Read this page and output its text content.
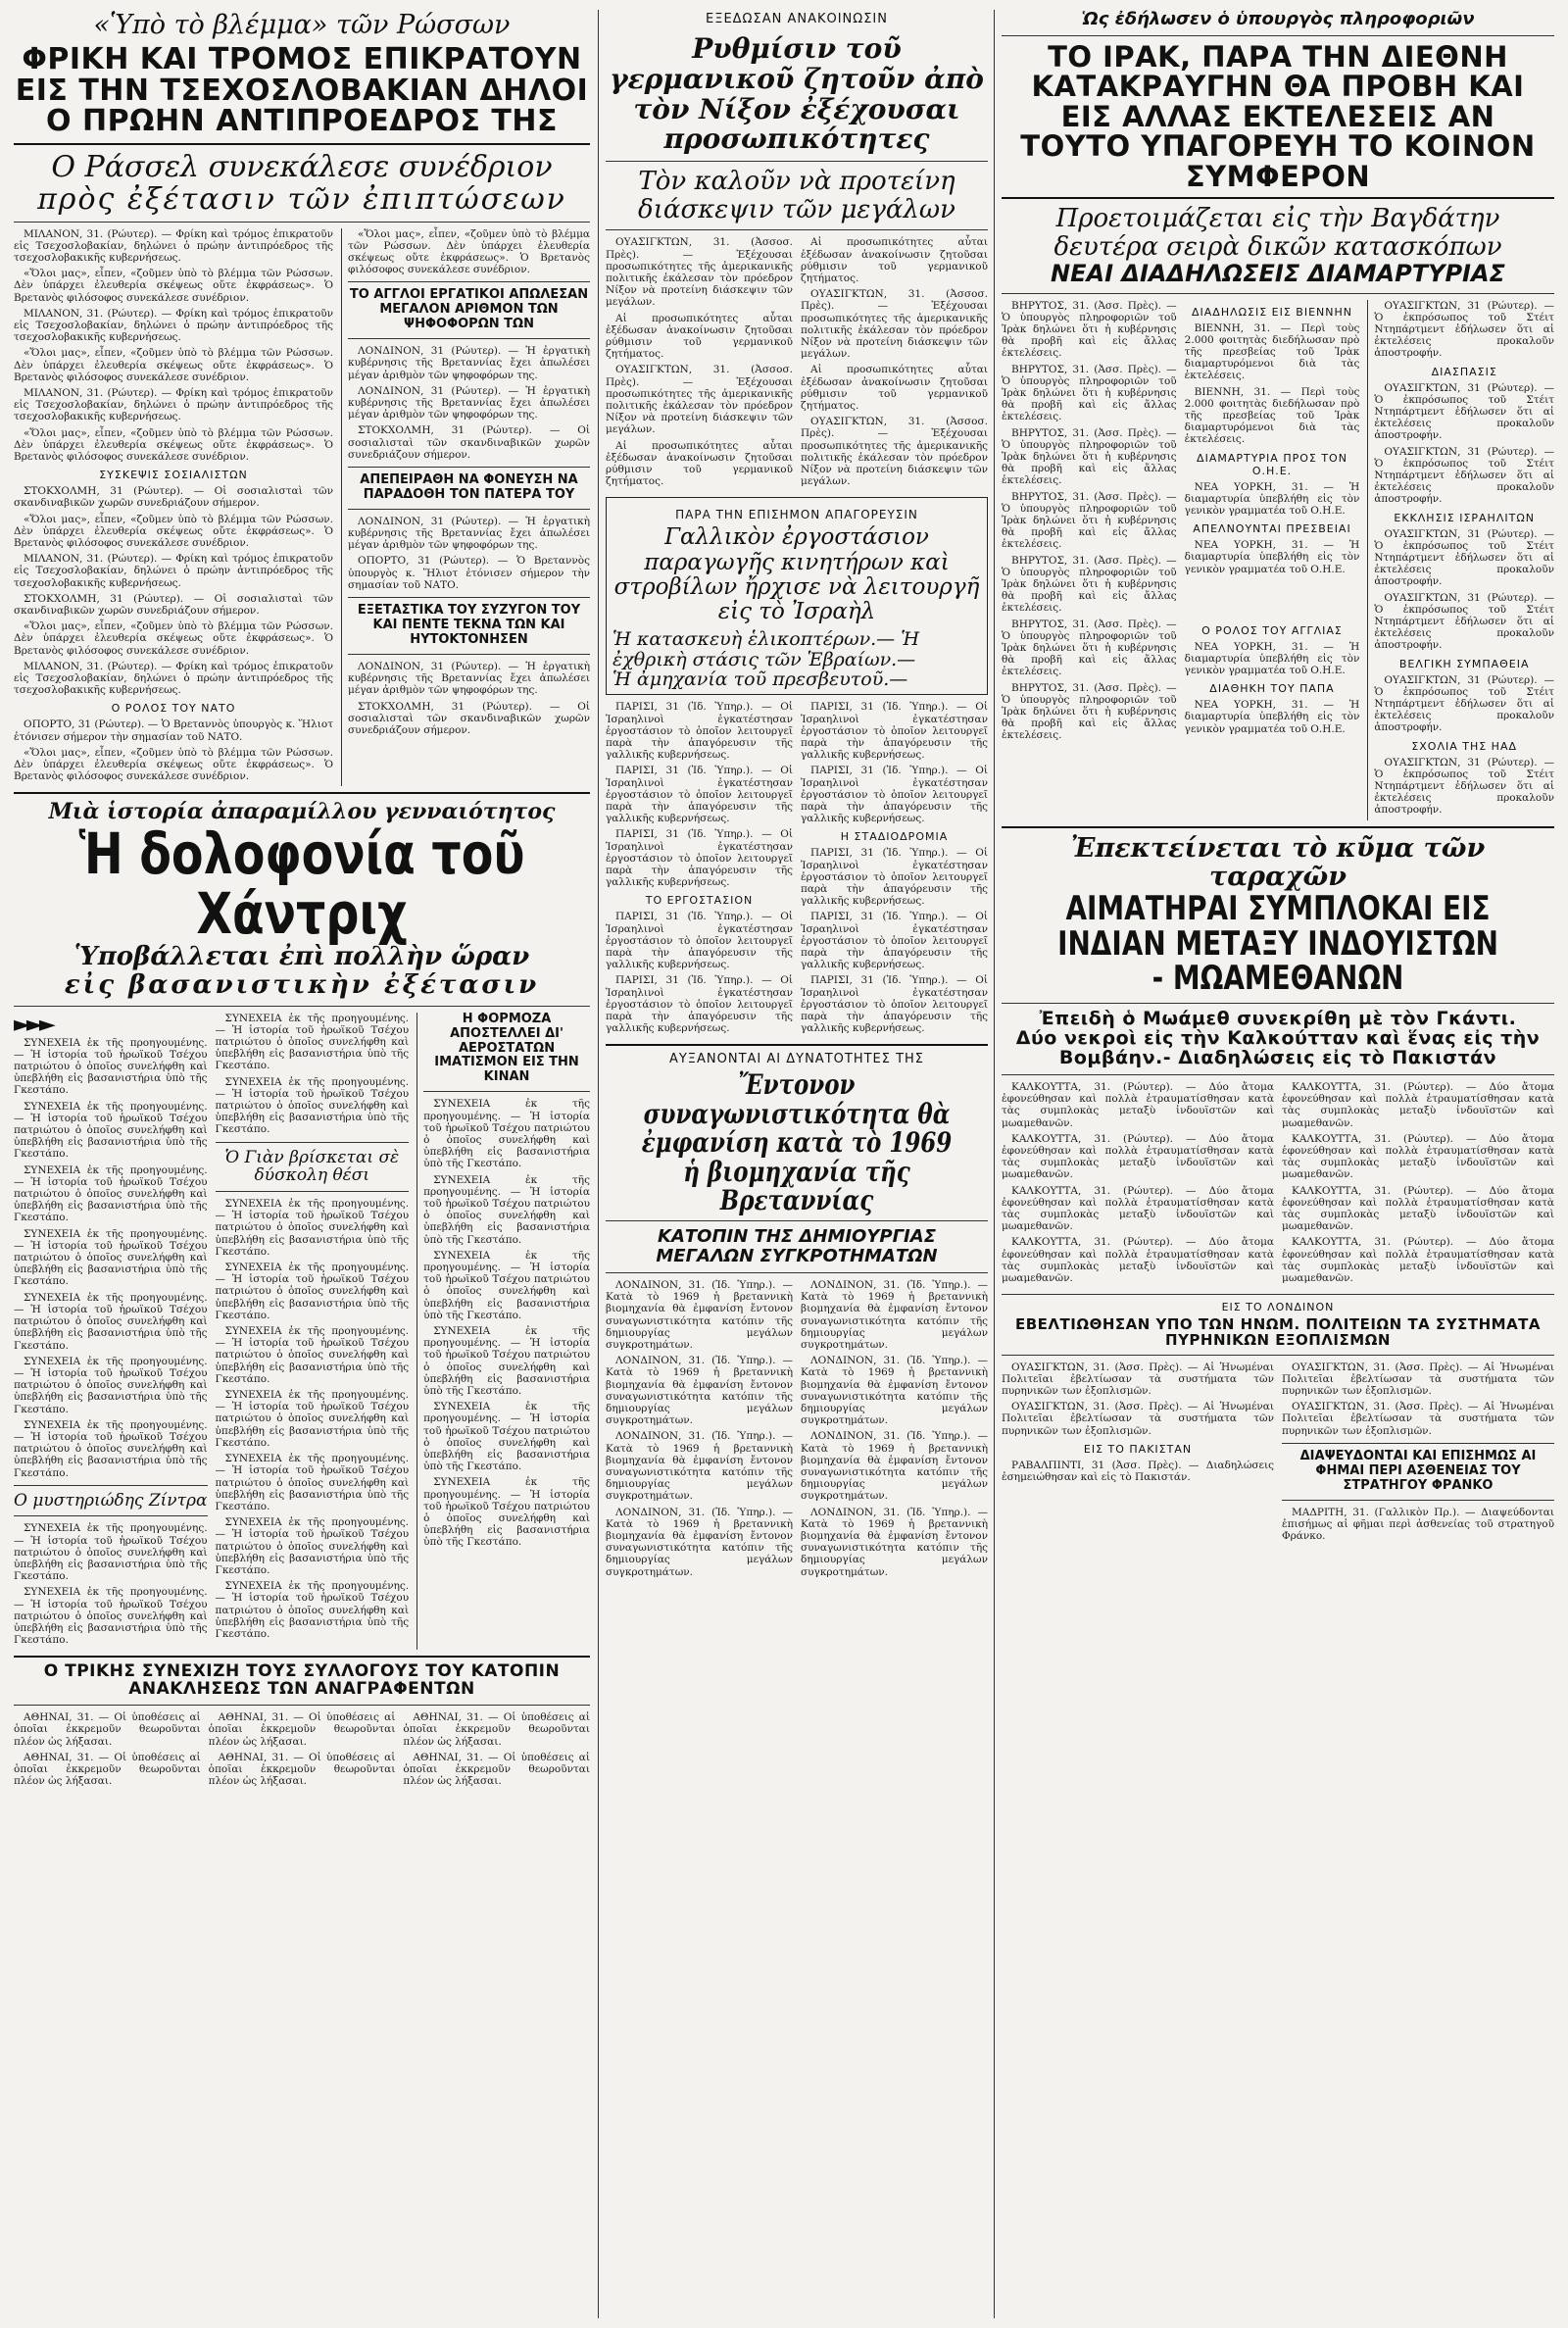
«Ὑπὸ τὸ βλέμμα» τῶν Ρώσσων
ΦΡΙΚΗ ΚΑΙ ΤΡΟΜΟΣ ΕΠΙΚΡΑΤΟΥΝ ΕΙΣ ΤΗΝ ΤΣΕΧΟΣΛΟΒΑΚΙΑΝ ΔΗΛΟΙ Ο ΠΡΩΗΝ ΑΝΤΙΠΡΟΕΔΡΟΣ ΤΗΣ
Ο Ράσσελ συνεκάλεσε συνέδριον
πρὸς ἐξέτασιν τῶν ἐπιπτώσεων

ΜΙΛΑΝΟΝ, 31. (Ρώυτερ). — Φρίκη καὶ τρόμος ἐπικρατοῦν εἰς Τσεχοσλοβακίαν, δηλώνει ὁ πρώην ἀντιπρόεδρος τῆς τσεχοσλοβακικῆς κυβερνήσεως.

«Ὅλοι μας», εἶπεν, «ζοῦμεν ὑπὸ τὸ βλέμμα τῶν Ρώσσων. Δὲν ὑπάρχει ἐλευθερία σκέψεως οὔτε ἐκφράσεως». Ὁ Βρετανὸς φιλόσοφος συνεκάλεσε συνέδριον.

ΜΙΛΑΝΟΝ, 31. (Ρώυτερ). — Φρίκη καὶ τρόμος ἐπικρατοῦν εἰς Τσεχοσλοβακίαν, δηλώνει ὁ πρώην ἀντιπρόεδρος τῆς τσεχοσλοβακικῆς κυβερνήσεως.

«Ὅλοι μας», εἶπεν, «ζοῦμεν ὑπὸ τὸ βλέμμα τῶν Ρώσσων. Δὲν ὑπάρχει ἐλευθερία σκέψεως οὔτε ἐκφράσεως». Ὁ Βρετανὸς φιλόσοφος συνεκάλεσε συνέδριον.

ΜΙΛΑΝΟΝ, 31. (Ρώυτερ). — Φρίκη καὶ τρόμος ἐπικρατοῦν εἰς Τσεχοσλοβακίαν, δηλώνει ὁ πρώην ἀντιπρόεδρος τῆς τσεχοσλοβακικῆς κυβερνήσεως.

«Ὅλοι μας», εἶπεν, «ζοῦμεν ὑπὸ τὸ βλέμμα τῶν Ρώσσων. Δὲν ὑπάρχει ἐλευθερία σκέψεως οὔτε ἐκφράσεως». Ὁ Βρετανὸς φιλόσοφος συνεκάλεσε συνέδριον.

ΣΥΣΚΕΨΙΣ ΣΟΣΙΑΛΙΣΤΩΝ

ΣΤΟΚΧΟΛΜΗ, 31 (Ρώυτερ). — Οἱ σοσιαλισταὶ τῶν σκανδιναβικῶν χωρῶν συνεδριάζουν σήμερον.

«Ὅλοι μας», εἶπεν, «ζοῦμεν ὑπὸ τὸ βλέμμα τῶν Ρώσσων. Δὲν ὑπάρχει ἐλευθερία σκέψεως οὔτε ἐκφράσεως». Ὁ Βρετανὸς φιλόσοφος συνεκάλεσε συνέδριον.

ΜΙΛΑΝΟΝ, 31. (Ρώυτερ). — Φρίκη καὶ τρόμος ἐπικρατοῦν εἰς Τσεχοσλοβακίαν, δηλώνει ὁ πρώην ἀντιπρόεδρος τῆς τσεχοσλοβακικῆς κυβερνήσεως.

ΣΤΟΚΧΟΛΜΗ, 31 (Ρώυτερ). — Οἱ σοσιαλισταὶ τῶν σκανδιναβικῶν χωρῶν συνεδριάζουν σήμερον.

«Ὅλοι μας», εἶπεν, «ζοῦμεν ὑπὸ τὸ βλέμμα τῶν Ρώσσων. Δὲν ὑπάρχει ἐλευθερία σκέψεως οὔτε ἐκφράσεως». Ὁ Βρετανὸς φιλόσοφος συνεκάλεσε συνέδριον.

ΜΙΛΑΝΟΝ, 31. (Ρώυτερ). — Φρίκη καὶ τρόμος ἐπικρατοῦν εἰς Τσεχοσλοβακίαν, δηλώνει ὁ πρώην ἀντιπρόεδρος τῆς τσεχοσλοβακικῆς κυβερνήσεως.

Ο ΡΟΛΟΣ ΤΟΥ ΝΑΤΟ

ΟΠΟΡΤΟ, 31 (Ρώυτερ). — Ὁ Βρεταννὸς ὑπουργὸς κ. Ἥλιοτ ἐτόνισεν σήμερον τὴν σημασίαν τοῦ ΝΑΤΟ.

«Ὅλοι μας», εἶπεν, «ζοῦμεν ὑπὸ τὸ βλέμμα τῶν Ρώσσων. Δὲν ὑπάρχει ἐλευθερία σκέψεως οὔτε ἐκφράσεως». Ὁ Βρετανὸς φιλόσοφος συνεκάλεσε συνέδριον.

«Ὅλοι μας», εἶπεν, «ζοῦμεν ὑπὸ τὸ βλέμμα τῶν Ρώσσων. Δὲν ὑπάρχει ἐλευθερία σκέψεως οὔτε ἐκφράσεως». Ὁ Βρετανὸς φιλόσοφος συνεκάλεσε συνέδριον.

ΤΟ ΑΓΓΛΟΙ ΕΡΓΑΤΙΚΟΙ ΑΠΩΛΕΣΑΝ ΜΕΓΑΛΟΝ ΑΡΙΘΜΟΝ ΤΩΝ ΨΗΦΟΦΟΡΩΝ ΤΩΝ

ΛΟΝΔΙΝΟΝ, 31 (Ρώυτερ). — Ἡ ἐργατικὴ κυβέρνησις τῆς Βρεταννίας ἔχει ἀπωλέσει μέγαν ἀριθμὸν τῶν ψηφοφόρων της.

ΛΟΝΔΙΝΟΝ, 31 (Ρώυτερ). — Ἡ ἐργατικὴ κυβέρνησις τῆς Βρεταννίας ἔχει ἀπωλέσει μέγαν ἀριθμὸν τῶν ψηφοφόρων της.

ΣΤΟΚΧΟΛΜΗ, 31 (Ρώυτερ). — Οἱ σοσιαλισταὶ τῶν σκανδιναβικῶν χωρῶν συνεδριάζουν σήμερον.

ΑΠΕΠΕΙΡΑΘΗ ΝΑ ΦΟΝΕΥΣΗ ΝΑ ΠΑΡΑΔΟΘΗ ΤΟΝ ΠΑΤΕΡΑ ΤΟΥ

ΛΟΝΔΙΝΟΝ, 31 (Ρώυτερ). — Ἡ ἐργατικὴ κυβέρνησις τῆς Βρεταννίας ἔχει ἀπωλέσει μέγαν ἀριθμὸν τῶν ψηφοφόρων της.

ΟΠΟΡΤΟ, 31 (Ρώυτερ). — Ὁ Βρεταννὸς ὑπουργὸς κ. Ἥλιοτ ἐτόνισεν σήμερον τὴν σημασίαν τοῦ ΝΑΤΟ.

ΕΞΕΤΑΣΤΙΚΑ ΤΟΥ ΣΥΖΥΓΟΝ ΤΟΥ ΚΑΙ ΠΕΝΤΕ ΤΕΚΝΑ ΤΩΝ ΚΑΙ ΗΥΤΟΚΤΟΝΗΣΕΝ

ΛΟΝΔΙΝΟΝ, 31 (Ρώυτερ). — Ἡ ἐργατικὴ κυβέρνησις τῆς Βρεταννίας ἔχει ἀπωλέσει μέγαν ἀριθμὸν τῶν ψηφοφόρων της.

ΣΤΟΚΧΟΛΜΗ, 31 (Ρώυτερ). — Οἱ σοσιαλισταὶ τῶν σκανδιναβικῶν χωρῶν συνεδριάζουν σήμερον.

Μιὰ ἱστορία ἀπαραμίλλου γενναιότητος
Ἡ δολοφονία τοῦ Χάντριχ
Ὑποβάλλεται ἐπὶ πολλὴν ὥραν
εἰς βασανιστικὴν ἐξέτασιν
►►►

ΣΥΝΕΧΕΙΑ ἐκ τῆς προηγουμένης. — Ἡ ἱστορία τοῦ ἡρωϊκοῦ Τσέχου πατριώτου ὁ ὁποῖος συνελήφθη καὶ ὑπεβλήθη εἰς βασανιστήρια ὑπὸ τῆς Γκεστάπο.

ΣΥΝΕΧΕΙΑ ἐκ τῆς προηγουμένης. — Ἡ ἱστορία τοῦ ἡρωϊκοῦ Τσέχου πατριώτου ὁ ὁποῖος συνελήφθη καὶ ὑπεβλήθη εἰς βασανιστήρια ὑπὸ τῆς Γκεστάπο.

ΣΥΝΕΧΕΙΑ ἐκ τῆς προηγουμένης. — Ἡ ἱστορία τοῦ ἡρωϊκοῦ Τσέχου πατριώτου ὁ ὁποῖος συνελήφθη καὶ ὑπεβλήθη εἰς βασανιστήρια ὑπὸ τῆς Γκεστάπο.

ΣΥΝΕΧΕΙΑ ἐκ τῆς προηγουμένης. — Ἡ ἱστορία τοῦ ἡρωϊκοῦ Τσέχου πατριώτου ὁ ὁποῖος συνελήφθη καὶ ὑπεβλήθη εἰς βασανιστήρια ὑπὸ τῆς Γκεστάπο.

ΣΥΝΕΧΕΙΑ ἐκ τῆς προηγουμένης. — Ἡ ἱστορία τοῦ ἡρωϊκοῦ Τσέχου πατριώτου ὁ ὁποῖος συνελήφθη καὶ ὑπεβλήθη εἰς βασανιστήρια ὑπὸ τῆς Γκεστάπο.

ΣΥΝΕΧΕΙΑ ἐκ τῆς προηγουμένης. — Ἡ ἱστορία τοῦ ἡρωϊκοῦ Τσέχου πατριώτου ὁ ὁποῖος συνελήφθη καὶ ὑπεβλήθη εἰς βασανιστήρια ὑπὸ τῆς Γκεστάπο.

ΣΥΝΕΧΕΙΑ ἐκ τῆς προηγουμένης. — Ἡ ἱστορία τοῦ ἡρωϊκοῦ Τσέχου πατριώτου ὁ ὁποῖος συνελήφθη καὶ ὑπεβλήθη εἰς βασανιστήρια ὑπὸ τῆς Γκεστάπο.

Ο μυστηριώδης Ζίντρα

ΣΥΝΕΧΕΙΑ ἐκ τῆς προηγουμένης. — Ἡ ἱστορία τοῦ ἡρωϊκοῦ Τσέχου πατριώτου ὁ ὁποῖος συνελήφθη καὶ ὑπεβλήθη εἰς βασανιστήρια ὑπὸ τῆς Γκεστάπο.

ΣΥΝΕΧΕΙΑ ἐκ τῆς προηγουμένης. — Ἡ ἱστορία τοῦ ἡρωϊκοῦ Τσέχου πατριώτου ὁ ὁποῖος συνελήφθη καὶ ὑπεβλήθη εἰς βασανιστήρια ὑπὸ τῆς Γκεστάπο.

ΣΥΝΕΧΕΙΑ ἐκ τῆς προηγουμένης. — Ἡ ἱστορία τοῦ ἡρωϊκοῦ Τσέχου πατριώτου ὁ ὁποῖος συνελήφθη καὶ ὑπεβλήθη εἰς βασανιστήρια ὑπὸ τῆς Γκεστάπο.

ΣΥΝΕΧΕΙΑ ἐκ τῆς προηγουμένης. — Ἡ ἱστορία τοῦ ἡρωϊκοῦ Τσέχου πατριώτου ὁ ὁποῖος συνελήφθη καὶ ὑπεβλήθη εἰς βασανιστήρια ὑπὸ τῆς Γκεστάπο.

Ὁ Γιὰν βρίσκεται σὲ δύσκολη θέσι

ΣΥΝΕΧΕΙΑ ἐκ τῆς προηγουμένης. — Ἡ ἱστορία τοῦ ἡρωϊκοῦ Τσέχου πατριώτου ὁ ὁποῖος συνελήφθη καὶ ὑπεβλήθη εἰς βασανιστήρια ὑπὸ τῆς Γκεστάπο.

ΣΥΝΕΧΕΙΑ ἐκ τῆς προηγουμένης. — Ἡ ἱστορία τοῦ ἡρωϊκοῦ Τσέχου πατριώτου ὁ ὁποῖος συνελήφθη καὶ ὑπεβλήθη εἰς βασανιστήρια ὑπὸ τῆς Γκεστάπο.

ΣΥΝΕΧΕΙΑ ἐκ τῆς προηγουμένης. — Ἡ ἱστορία τοῦ ἡρωϊκοῦ Τσέχου πατριώτου ὁ ὁποῖος συνελήφθη καὶ ὑπεβλήθη εἰς βασανιστήρια ὑπὸ τῆς Γκεστάπο.

ΣΥΝΕΧΕΙΑ ἐκ τῆς προηγουμένης. — Ἡ ἱστορία τοῦ ἡρωϊκοῦ Τσέχου πατριώτου ὁ ὁποῖος συνελήφθη καὶ ὑπεβλήθη εἰς βασανιστήρια ὑπὸ τῆς Γκεστάπο.

ΣΥΝΕΧΕΙΑ ἐκ τῆς προηγουμένης. — Ἡ ἱστορία τοῦ ἡρωϊκοῦ Τσέχου πατριώτου ὁ ὁποῖος συνελήφθη καὶ ὑπεβλήθη εἰς βασανιστήρια ὑπὸ τῆς Γκεστάπο.

ΣΥΝΕΧΕΙΑ ἐκ τῆς προηγουμένης. — Ἡ ἱστορία τοῦ ἡρωϊκοῦ Τσέχου πατριώτου ὁ ὁποῖος συνελήφθη καὶ ὑπεβλήθη εἰς βασανιστήρια ὑπὸ τῆς Γκεστάπο.

ΣΥΝΕΧΕΙΑ ἐκ τῆς προηγουμένης. — Ἡ ἱστορία τοῦ ἡρωϊκοῦ Τσέχου πατριώτου ὁ ὁποῖος συνελήφθη καὶ ὑπεβλήθη εἰς βασανιστήρια ὑπὸ τῆς Γκεστάπο.

Η ΦΟΡΜΟΖΑ ΑΠΟΣΤΕΛΛΕΙ ΔΙ' ΑΕΡΟΣΤΑΤΩΝ ΙΜΑΤΙΣΜΟΝ ΕΙΣ ΤΗΝ ΚΙΝΑΝ

ΣΥΝΕΧΕΙΑ ἐκ τῆς προηγουμένης. — Ἡ ἱστορία τοῦ ἡρωϊκοῦ Τσέχου πατριώτου ὁ ὁποῖος συνελήφθη καὶ ὑπεβλήθη εἰς βασανιστήρια ὑπὸ τῆς Γκεστάπο.

ΣΥΝΕΧΕΙΑ ἐκ τῆς προηγουμένης. — Ἡ ἱστορία τοῦ ἡρωϊκοῦ Τσέχου πατριώτου ὁ ὁποῖος συνελήφθη καὶ ὑπεβλήθη εἰς βασανιστήρια ὑπὸ τῆς Γκεστάπο.

ΣΥΝΕΧΕΙΑ ἐκ τῆς προηγουμένης. — Ἡ ἱστορία τοῦ ἡρωϊκοῦ Τσέχου πατριώτου ὁ ὁποῖος συνελήφθη καὶ ὑπεβλήθη εἰς βασανιστήρια ὑπὸ τῆς Γκεστάπο.

ΣΥΝΕΧΕΙΑ ἐκ τῆς προηγουμένης. — Ἡ ἱστορία τοῦ ἡρωϊκοῦ Τσέχου πατριώτου ὁ ὁποῖος συνελήφθη καὶ ὑπεβλήθη εἰς βασανιστήρια ὑπὸ τῆς Γκεστάπο.

ΣΥΝΕΧΕΙΑ ἐκ τῆς προηγουμένης. — Ἡ ἱστορία τοῦ ἡρωϊκοῦ Τσέχου πατριώτου ὁ ὁποῖος συνελήφθη καὶ ὑπεβλήθη εἰς βασανιστήρια ὑπὸ τῆς Γκεστάπο.

ΣΥΝΕΧΕΙΑ ἐκ τῆς προηγουμένης. — Ἡ ἱστορία τοῦ ἡρωϊκοῦ Τσέχου πατριώτου ὁ ὁποῖος συνελήφθη καὶ ὑπεβλήθη εἰς βασανιστήρια ὑπὸ τῆς Γκεστάπο.

Ο ΤΡΙΚΗΣ ΣΥΝΕΧΙΖΗ ΤΟΥΣ ΣΥΛΛΟΓΟΥΣ ΤΟΥ ΚΑΤΟΠΙΝ ΑΝΑΚΛΗΣΕΩΣ ΤΩΝ ΑΝΑΓΡΑΦΕΝΤΩΝ

ΑΘΗΝΑΙ, 31. — Οἱ ὑποθέσεις αἱ ὁποῖαι ἐκκρεμοῦν θεωροῦνται πλέον ὡς λήξασαι.

ΑΘΗΝΑΙ, 31. — Οἱ ὑποθέσεις αἱ ὁποῖαι ἐκκρεμοῦν θεωροῦνται πλέον ὡς λήξασαι.

ΑΘΗΝΑΙ, 31. — Οἱ ὑποθέσεις αἱ ὁποῖαι ἐκκρεμοῦν θεωροῦνται πλέον ὡς λήξασαι.

ΑΘΗΝΑΙ, 31. — Οἱ ὑποθέσεις αἱ ὁποῖαι ἐκκρεμοῦν θεωροῦνται πλέον ὡς λήξασαι.

ΑΘΗΝΑΙ, 31. — Οἱ ὑποθέσεις αἱ ὁποῖαι ἐκκρεμοῦν θεωροῦνται πλέον ὡς λήξασαι.

ΑΘΗΝΑΙ, 31. — Οἱ ὑποθέσεις αἱ ὁποῖαι ἐκκρεμοῦν θεωροῦνται πλέον ὡς λήξασαι.

ΕΞΕΔΩΣΑΝ ΑΝΑΚΟΙΝΩΣΙΝ
Ρυθμίσιν τοῦ γερμανικοῦ ζητοῦν ἀπὸ τὸν Νίξον ἐξέχουσαι προσωπικότητες
Τὸν καλοῦν νὰ προτείνη διάσκεψιν τῶν μεγάλων

ΟΥΑΣΙΓΚΤΩΝ, 31. (Ἀσσοσ. Πρὲς). — Ἐξέχουσαι προσωπικότητες τῆς ἀμερικανικῆς πολιτικῆς ἐκάλεσαν τὸν πρόεδρον Νίξον νὰ προτείνη διάσκεψιν τῶν μεγάλων.

Αἱ προσωπικότητες αὗται ἐξέδωσαν ἀνακοίνωσιν ζητοῦσαι ρύθμισιν τοῦ γερμανικοῦ ζητήματος.

ΟΥΑΣΙΓΚΤΩΝ, 31. (Ἀσσοσ. Πρὲς). — Ἐξέχουσαι προσωπικότητες τῆς ἀμερικανικῆς πολιτικῆς ἐκάλεσαν τὸν πρόεδρον Νίξον νὰ προτείνη διάσκεψιν τῶν μεγάλων.

Αἱ προσωπικότητες αὗται ἐξέδωσαν ἀνακοίνωσιν ζητοῦσαι ρύθμισιν τοῦ γερμανικοῦ ζητήματος.

Αἱ προσωπικότητες αὗται ἐξέδωσαν ἀνακοίνωσιν ζητοῦσαι ρύθμισιν τοῦ γερμανικοῦ ζητήματος.

ΟΥΑΣΙΓΚΤΩΝ, 31. (Ἀσσοσ. Πρὲς). — Ἐξέχουσαι προσωπικότητες τῆς ἀμερικανικῆς πολιτικῆς ἐκάλεσαν τὸν πρόεδρον Νίξον νὰ προτείνη διάσκεψιν τῶν μεγάλων.

Αἱ προσωπικότητες αὗται ἐξέδωσαν ἀνακοίνωσιν ζητοῦσαι ρύθμισιν τοῦ γερμανικοῦ ζητήματος.

ΟΥΑΣΙΓΚΤΩΝ, 31. (Ἀσσοσ. Πρὲς). — Ἐξέχουσαι προσωπικότητες τῆς ἀμερικανικῆς πολιτικῆς ἐκάλεσαν τὸν πρόεδρον Νίξον νὰ προτείνη διάσκεψιν τῶν μεγάλων.

ΠΑΡΑ ΤΗΝ ΕΠΙΣΗΜΟΝ ΑΠΑΓΟΡΕΥΣΙΝ
Γαλλικὸν ἐργοστάσιον παραγωγῆς κινητήρων καὶ στροβίλων ἤρχισε νὰ λειτουργῆ εἰς τὸ Ἰσραὴλ
Ἡ κατασκευὴ ἑλικοπτέρων.— Ἡ
ἐχθρικὴ στάσις τῶν Ἑβραίων.—
Ἡ ἀμηχανία τοῦ πρεσβευτοῦ.—

ΠΑΡΙΣΙ, 31 (Ἰδ. Ὑπηρ.). — Οἱ Ἰσραηλινοὶ ἐγκατέστησαν ἐργοστάσιον τὸ ὁποῖον λειτουργεῖ παρὰ τὴν ἀπαγόρευσιν τῆς γαλλικῆς κυβερνήσεως.

ΠΑΡΙΣΙ, 31 (Ἰδ. Ὑπηρ.). — Οἱ Ἰσραηλινοὶ ἐγκατέστησαν ἐργοστάσιον τὸ ὁποῖον λειτουργεῖ παρὰ τὴν ἀπαγόρευσιν τῆς γαλλικῆς κυβερνήσεως.

ΠΑΡΙΣΙ, 31 (Ἰδ. Ὑπηρ.). — Οἱ Ἰσραηλινοὶ ἐγκατέστησαν ἐργοστάσιον τὸ ὁποῖον λειτουργεῖ παρὰ τὴν ἀπαγόρευσιν τῆς γαλλικῆς κυβερνήσεως.

ΤΟ ΕΡΓΟΣΤΑΣΙΟΝ

ΠΑΡΙΣΙ, 31 (Ἰδ. Ὑπηρ.). — Οἱ Ἰσραηλινοὶ ἐγκατέστησαν ἐργοστάσιον τὸ ὁποῖον λειτουργεῖ παρὰ τὴν ἀπαγόρευσιν τῆς γαλλικῆς κυβερνήσεως.

ΠΑΡΙΣΙ, 31 (Ἰδ. Ὑπηρ.). — Οἱ Ἰσραηλινοὶ ἐγκατέστησαν ἐργοστάσιον τὸ ὁποῖον λειτουργεῖ παρὰ τὴν ἀπαγόρευσιν τῆς γαλλικῆς κυβερνήσεως.

ΠΑΡΙΣΙ, 31 (Ἰδ. Ὑπηρ.). — Οἱ Ἰσραηλινοὶ ἐγκατέστησαν ἐργοστάσιον τὸ ὁποῖον λειτουργεῖ παρὰ τὴν ἀπαγόρευσιν τῆς γαλλικῆς κυβερνήσεως.

ΠΑΡΙΣΙ, 31 (Ἰδ. Ὑπηρ.). — Οἱ Ἰσραηλινοὶ ἐγκατέστησαν ἐργοστάσιον τὸ ὁποῖον λειτουργεῖ παρὰ τὴν ἀπαγόρευσιν τῆς γαλλικῆς κυβερνήσεως.

Η ΣΤΑΔΙΟΔΡΟΜΙΑ

ΠΑΡΙΣΙ, 31 (Ἰδ. Ὑπηρ.). — Οἱ Ἰσραηλινοὶ ἐγκατέστησαν ἐργοστάσιον τὸ ὁποῖον λειτουργεῖ παρὰ τὴν ἀπαγόρευσιν τῆς γαλλικῆς κυβερνήσεως.

ΠΑΡΙΣΙ, 31 (Ἰδ. Ὑπηρ.). — Οἱ Ἰσραηλινοὶ ἐγκατέστησαν ἐργοστάσιον τὸ ὁποῖον λειτουργεῖ παρὰ τὴν ἀπαγόρευσιν τῆς γαλλικῆς κυβερνήσεως.

ΠΑΡΙΣΙ, 31 (Ἰδ. Ὑπηρ.). — Οἱ Ἰσραηλινοὶ ἐγκατέστησαν ἐργοστάσιον τὸ ὁποῖον λειτουργεῖ παρὰ τὴν ἀπαγόρευσιν τῆς γαλλικῆς κυβερνήσεως.

ΑΥΞΑΝΟΝΤΑΙ ΑΙ ΔΥΝΑΤΟΤΗΤΕΣ ΤΗΣ
Ἔντονον συναγωνιστικότητα θὰ ἐμφανίση κατὰ τὸ 1969 ἡ βιομηχανία τῆς Βρεταννίας
ΚΑΤΟΠΙΝ ΤΗΣ ΔΗΜΙΟΥΡΓΙΑΣ ΜΕΓΑΛΩΝ ΣΥΓΚΡΟΤΗΜΑΤΩΝ

ΛΟΝΔΙΝΟΝ, 31. (Ἰδ. Ὑπηρ.). — Κατὰ τὸ 1969 ἡ βρεταννικὴ βιομηχανία θὰ ἐμφανίση ἔντονον συναγωνιστικότητα κατόπιν τῆς δημιουργίας μεγάλων συγκροτημάτων.

ΛΟΝΔΙΝΟΝ, 31. (Ἰδ. Ὑπηρ.). — Κατὰ τὸ 1969 ἡ βρεταννικὴ βιομηχανία θὰ ἐμφανίση ἔντονον συναγωνιστικότητα κατόπιν τῆς δημιουργίας μεγάλων συγκροτημάτων.

ΛΟΝΔΙΝΟΝ, 31. (Ἰδ. Ὑπηρ.). — Κατὰ τὸ 1969 ἡ βρεταννικὴ βιομηχανία θὰ ἐμφανίση ἔντονον συναγωνιστικότητα κατόπιν τῆς δημιουργίας μεγάλων συγκροτημάτων.

ΛΟΝΔΙΝΟΝ, 31. (Ἰδ. Ὑπηρ.). — Κατὰ τὸ 1969 ἡ βρεταννικὴ βιομηχανία θὰ ἐμφανίση ἔντονον συναγωνιστικότητα κατόπιν τῆς δημιουργίας μεγάλων συγκροτημάτων.

ΛΟΝΔΙΝΟΝ, 31. (Ἰδ. Ὑπηρ.). — Κατὰ τὸ 1969 ἡ βρεταννικὴ βιομηχανία θὰ ἐμφανίση ἔντονον συναγωνιστικότητα κατόπιν τῆς δημιουργίας μεγάλων συγκροτημάτων.

ΛΟΝΔΙΝΟΝ, 31. (Ἰδ. Ὑπηρ.). — Κατὰ τὸ 1969 ἡ βρεταννικὴ βιομηχανία θὰ ἐμφανίση ἔντονον συναγωνιστικότητα κατόπιν τῆς δημιουργίας μεγάλων συγκροτημάτων.

ΛΟΝΔΙΝΟΝ, 31. (Ἰδ. Ὑπηρ.). — Κατὰ τὸ 1969 ἡ βρεταννικὴ βιομηχανία θὰ ἐμφανίση ἔντονον συναγωνιστικότητα κατόπιν τῆς δημιουργίας μεγάλων συγκροτημάτων.

ΛΟΝΔΙΝΟΝ, 31. (Ἰδ. Ὑπηρ.). — Κατὰ τὸ 1969 ἡ βρεταννικὴ βιομηχανία θὰ ἐμφανίση ἔντονον συναγωνιστικότητα κατόπιν τῆς δημιουργίας μεγάλων συγκροτημάτων.

Ὡς ἐδήλωσεν ὁ ὑπουργὸς πληροφοριῶν
ΤΟ ΙΡΑΚ, ΠΑΡΑ ΤΗΝ ΔΙΕΘΝΗ ΚΑΤΑΚΡΑΥΓΗΝ ΘΑ ΠΡΟΒΗ ΚΑΙ ΕΙΣ ΑΛΛΑΣ ΕΚΤΕΛΕΣΕΙΣ ΑΝ ΤΟΥΤΟ ΥΠΑΓΟΡΕΥΗ ΤΟ ΚΟΙΝΟΝ ΣΥΜΦΕΡΟΝ
Προετοιμάζεται εἰς τὴν Βαγδάτην
δευτέρα σειρὰ δικῶν κατασκόπων
ΝΕΑΙ ΔΙΑΔΗΛΩΣΕΙΣ ΔΙΑΜΑΡΤΥΡΙΑΣ

ΒΗΡΥΤΟΣ, 31. (Ἀσσ. Πρὲς). — Ὁ ὑπουργὸς πληροφοριῶν τοῦ Ἰρὰκ δηλώνει ὅτι ἡ κυβέρνησις θὰ προβῆ καὶ εἰς ἄλλας ἐκτελέσεις.

ΒΗΡΥΤΟΣ, 31. (Ἀσσ. Πρὲς). — Ὁ ὑπουργὸς πληροφοριῶν τοῦ Ἰρὰκ δηλώνει ὅτι ἡ κυβέρνησις θὰ προβῆ καὶ εἰς ἄλλας ἐκτελέσεις.

ΒΗΡΥΤΟΣ, 31. (Ἀσσ. Πρὲς). — Ὁ ὑπουργὸς πληροφοριῶν τοῦ Ἰρὰκ δηλώνει ὅτι ἡ κυβέρνησις θὰ προβῆ καὶ εἰς ἄλλας ἐκτελέσεις.

ΒΗΡΥΤΟΣ, 31. (Ἀσσ. Πρὲς). — Ὁ ὑπουργὸς πληροφοριῶν τοῦ Ἰρὰκ δηλώνει ὅτι ἡ κυβέρνησις θὰ προβῆ καὶ εἰς ἄλλας ἐκτελέσεις.

ΒΗΡΥΤΟΣ, 31. (Ἀσσ. Πρὲς). — Ὁ ὑπουργὸς πληροφοριῶν τοῦ Ἰρὰκ δηλώνει ὅτι ἡ κυβέρνησις θὰ προβῆ καὶ εἰς ἄλλας ἐκτελέσεις.

ΔΙΑΔΗΛΩΣΙΣ ΕΙΣ ΒΙΕΝΝΗΝ

ΒΙΕΝΝΗ, 31. — Περὶ τοὺς 2.000 φοιτητὰς διεδήλωσαν πρὸ τῆς πρεσβείας τοῦ Ἰρὰκ διαμαρτυρόμενοι διὰ τὰς ἐκτελέσεις.

ΒΙΕΝΝΗ, 31. — Περὶ τοὺς 2.000 φοιτητὰς διεδήλωσαν πρὸ τῆς πρεσβείας τοῦ Ἰρὰκ διαμαρτυρόμενοι διὰ τὰς ἐκτελέσεις.

ΔΙΑΜΑΡΤΥΡΙΑ ΠΡΟΣ ΤΟΝ Ο.Η.Ε.

ΝΕΑ ΥΟΡΚΗ, 31. — Ἡ διαμαρτυρία ὑπεβλήθη εἰς τὸν γενικὸν γραμματέα τοῦ Ο.Η.Ε.

ΑΠΕΛΝΟΥΝΤΑΙ ΠΡΕΣΒΕΙΑΙ

ΝΕΑ ΥΟΡΚΗ, 31. — Ἡ διαμαρτυρία ὑπεβλήθη εἰς τὸν γενικὸν γραμματέα τοῦ Ο.Η.Ε.

ΒΗΡΥΤΟΣ, 31. (Ἀσσ. Πρὲς). — Ὁ ὑπουργὸς πληροφοριῶν τοῦ Ἰρὰκ δηλώνει ὅτι ἡ κυβέρνησις θὰ προβῆ καὶ εἰς ἄλλας ἐκτελέσεις.

ΒΗΡΥΤΟΣ, 31. (Ἀσσ. Πρὲς). — Ὁ ὑπουργὸς πληροφοριῶν τοῦ Ἰρὰκ δηλώνει ὅτι ἡ κυβέρνησις θὰ προβῆ καὶ εἰς ἄλλας ἐκτελέσεις.

Ο ΡΟΛΟΣ ΤΟΥ ΑΓΓΛΙΑΣ

ΝΕΑ ΥΟΡΚΗ, 31. — Ἡ διαμαρτυρία ὑπεβλήθη εἰς τὸν γενικὸν γραμματέα τοῦ Ο.Η.Ε.

ΔΙΑΘΗΚΗ ΤΟΥ ΠΑΠΑ

ΝΕΑ ΥΟΡΚΗ, 31. — Ἡ διαμαρτυρία ὑπεβλήθη εἰς τὸν γενικὸν γραμματέα τοῦ Ο.Η.Ε.

ΟΥΑΣΙΓΚΤΩΝ, 31 (Ρώυτερ). — Ὁ ἐκπρόσωπος τοῦ Στέιτ Ντηπάρτμεντ ἐδήλωσεν ὅτι αἱ ἐκτελέσεις προκαλοῦν ἀποστροφήν.

ΔΙΑΣΠΑΣΙΣ

ΟΥΑΣΙΓΚΤΩΝ, 31 (Ρώυτερ). — Ὁ ἐκπρόσωπος τοῦ Στέιτ Ντηπάρτμεντ ἐδήλωσεν ὅτι αἱ ἐκτελέσεις προκαλοῦν ἀποστροφήν.

ΟΥΑΣΙΓΚΤΩΝ, 31 (Ρώυτερ). — Ὁ ἐκπρόσωπος τοῦ Στέιτ Ντηπάρτμεντ ἐδήλωσεν ὅτι αἱ ἐκτελέσεις προκαλοῦν ἀποστροφήν.

ΕΚΚΛΗΣΙΣ ΙΣΡΑΗΛΙΤΩΝ

ΟΥΑΣΙΓΚΤΩΝ, 31 (Ρώυτερ). — Ὁ ἐκπρόσωπος τοῦ Στέιτ Ντηπάρτμεντ ἐδήλωσεν ὅτι αἱ ἐκτελέσεις προκαλοῦν ἀποστροφήν.

ΟΥΑΣΙΓΚΤΩΝ, 31 (Ρώυτερ). — Ὁ ἐκπρόσωπος τοῦ Στέιτ Ντηπάρτμεντ ἐδήλωσεν ὅτι αἱ ἐκτελέσεις προκαλοῦν ἀποστροφήν.

ΒΕΛΓΙΚΗ ΣΥΜΠΑΘΕΙΑ

ΟΥΑΣΙΓΚΤΩΝ, 31 (Ρώυτερ). — Ὁ ἐκπρόσωπος τοῦ Στέιτ Ντηπάρτμεντ ἐδήλωσεν ὅτι αἱ ἐκτελέσεις προκαλοῦν ἀποστροφήν.

ΣΧΟΛΙΑ ΤΗΣ ΗΑΔ

ΟΥΑΣΙΓΚΤΩΝ, 31 (Ρώυτερ). — Ὁ ἐκπρόσωπος τοῦ Στέιτ Ντηπάρτμεντ ἐδήλωσεν ὅτι αἱ ἐκτελέσεις προκαλοῦν ἀποστροφήν.

Ἐπεκτείνεται τὸ κῦμα τῶν ταραχῶν
ΑΙΜΑΤΗΡΑΙ ΣΥΜΠΛΟΚΑΙ ΕΙΣ ΙΝΔΙΑΝ ΜΕΤΑΞΥ ΙΝΔΟΥΙΣΤΩΝ - ΜΩΑΜΕΘΑΝΩΝ
Ἐπειδὴ ὁ Μωάμεθ συνεκρίθη μὲ τὸν Γκάντι.
Δύο νεκροὶ εἰς τὴν Καλκούτταν καὶ ἕνας εἰς τὴν Βομβάην.- Διαδηλώσεις εἰς τὸ Πακιστάν

ΚΑΛΚΟΥΤΤΑ, 31. (Ρώυτερ). — Δύο ἄτομα ἐφονεύθησαν καὶ πολλὰ ἐτραυματίσθησαν κατὰ τὰς συμπλοκὰς μεταξὺ ἰνδουϊστῶν καὶ μωαμεθανῶν.

ΚΑΛΚΟΥΤΤΑ, 31. (Ρώυτερ). — Δύο ἄτομα ἐφονεύθησαν καὶ πολλὰ ἐτραυματίσθησαν κατὰ τὰς συμπλοκὰς μεταξὺ ἰνδουϊστῶν καὶ μωαμεθανῶν.

ΚΑΛΚΟΥΤΤΑ, 31. (Ρώυτερ). — Δύο ἄτομα ἐφονεύθησαν καὶ πολλὰ ἐτραυματίσθησαν κατὰ τὰς συμπλοκὰς μεταξὺ ἰνδουϊστῶν καὶ μωαμεθανῶν.

ΚΑΛΚΟΥΤΤΑ, 31. (Ρώυτερ). — Δύο ἄτομα ἐφονεύθησαν καὶ πολλὰ ἐτραυματίσθησαν κατὰ τὰς συμπλοκὰς μεταξὺ ἰνδουϊστῶν καὶ μωαμεθανῶν.

ΚΑΛΚΟΥΤΤΑ, 31. (Ρώυτερ). — Δύο ἄτομα ἐφονεύθησαν καὶ πολλὰ ἐτραυματίσθησαν κατὰ τὰς συμπλοκὰς μεταξὺ ἰνδουϊστῶν καὶ μωαμεθανῶν.

ΚΑΛΚΟΥΤΤΑ, 31. (Ρώυτερ). — Δύο ἄτομα ἐφονεύθησαν καὶ πολλὰ ἐτραυματίσθησαν κατὰ τὰς συμπλοκὰς μεταξὺ ἰνδουϊστῶν καὶ μωαμεθανῶν.

ΚΑΛΚΟΥΤΤΑ, 31. (Ρώυτερ). — Δύο ἄτομα ἐφονεύθησαν καὶ πολλὰ ἐτραυματίσθησαν κατὰ τὰς συμπλοκὰς μεταξὺ ἰνδουϊστῶν καὶ μωαμεθανῶν.

ΚΑΛΚΟΥΤΤΑ, 31. (Ρώυτερ). — Δύο ἄτομα ἐφονεύθησαν καὶ πολλὰ ἐτραυματίσθησαν κατὰ τὰς συμπλοκὰς μεταξὺ ἰνδουϊστῶν καὶ μωαμεθανῶν.

ΕΙΣ ΤΟ ΛΟΝΔΙΝΟΝ
ΕΒΕΛΤΙΩΘΗΣΑΝ ΥΠΟ ΤΩΝ ΗΝΩΜ. ΠΟΛΙΤΕΙΩΝ ΤΑ ΣΥΣΤΗΜΑΤΑ ΠΥΡΗΝΙΚΩΝ ΕΞΟΠΛΙΣΜΩΝ

ΟΥΑΣΙΓΚΤΩΝ, 31. (Ἀσσ. Πρὲς). — Αἱ Ἡνωμέναι Πολιτεῖαι ἐβελτίωσαν τὰ συστήματα τῶν πυρηνικῶν των ἐξοπλισμῶν.

ΟΥΑΣΙΓΚΤΩΝ, 31. (Ἀσσ. Πρὲς). — Αἱ Ἡνωμέναι Πολιτεῖαι ἐβελτίωσαν τὰ συστήματα τῶν πυρηνικῶν των ἐξοπλισμῶν.

ΕΙΣ ΤΟ ΠΑΚΙΣΤΑΝ

ΡΑΒΑΛΠΙΝΤΙ, 31 (Ἀσσ. Πρὲς). — Διαδηλώσεις ἐσημειώθησαν καὶ εἰς τὸ Πακιστάν.

ΟΥΑΣΙΓΚΤΩΝ, 31. (Ἀσσ. Πρὲς). — Αἱ Ἡνωμέναι Πολιτεῖαι ἐβελτίωσαν τὰ συστήματα τῶν πυρηνικῶν των ἐξοπλισμῶν.

ΟΥΑΣΙΓΚΤΩΝ, 31. (Ἀσσ. Πρὲς). — Αἱ Ἡνωμέναι Πολιτεῖαι ἐβελτίωσαν τὰ συστήματα τῶν πυρηνικῶν των ἐξοπλισμῶν.

ΔΙΑΨΕΥΔΟΝΤΑΙ ΚΑΙ ΕΠΙΣΗΜΩΣ ΑΙ ΦΗΜΑΙ ΠΕΡΙ ΑΣΘΕΝΕΙΑΣ ΤΟΥ ΣΤΡΑΤΗΓΟΥ ΦΡΑΝΚΟ

ΜΑΔΡΙΤΗ, 31. (Γαλλικὸν Πρ.). — Διαψεύδονται ἐπισήμως αἱ φῆμαι περὶ ἀσθενείας τοῦ στρατηγοῦ Φράνκο.
